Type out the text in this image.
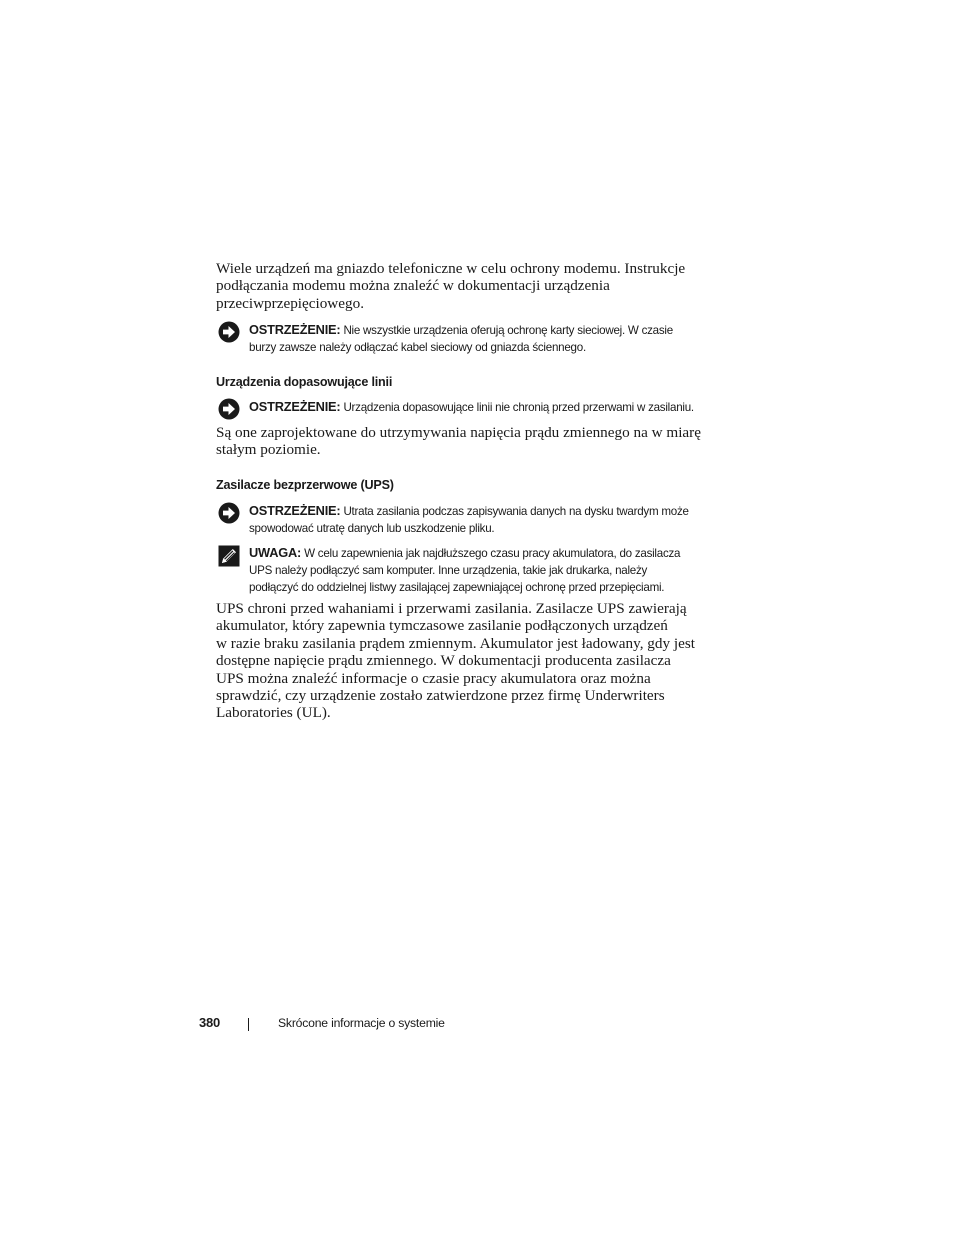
Wiele urządzeń ma gniazdo telefoniczne w celu ochrony modemu. Instrukcje
podłączania modemu można znaleźć w dokumentacji urządzenia
przeciwprzepięciowego.

OSTRZEŻENIE: Nie wszystkie urządzenia oferują ochronę karty sieciowej. W czasie
burzy zawsze należy odłączać kabel sieciowy od gniazda ściennego.

Urządzenia dopasowujące linii

OSTRZEŻENIE: Urządzenia dopasowujące linii nie chronią przed przerwami w zasilaniu.

Są one zaprojektowane do utrzymywania napięcia prądu zmiennego na w miarę
stałym poziomie.

Zasilacze bezprzerwowe (UPS)

OSTRZEŻENIE: Utrata zasilania podczas zapisywania danych na dysku twardym może
spowodować utratę danych lub uszkodzenie pliku.
UWAGA: W celu zapewnienia jak najdłuższego czasu pracy akumulatora, do zasilacza
UPS należy podłączyć sam komputer. Inne urządzenia, takie jak drukarka, należy
podłączyć do oddzielnej listwy zasilającej zapewniającej ochronę przed przepięciami.

UPS chroni przed wahaniami i przerwami zasilania. Zasilacze UPS zawierają
akumulator, który zapewnia tymczasowe zasilanie podłączonych urządzeń
w razie braku zasilania prądem zmiennym. Akumulator jest ładowany, gdy jest
dostępne napięcie prądu zmiennego. W dokumentacji producenta zasilacza
UPS można znaleźć informacje o czasie pracy akumulatora oraz można
sprawdzić, czy urządzenie zostało zatwierdzone przez firmę Underwriters
Laboratories (UL).

380	Skrócone informacje o systemie
